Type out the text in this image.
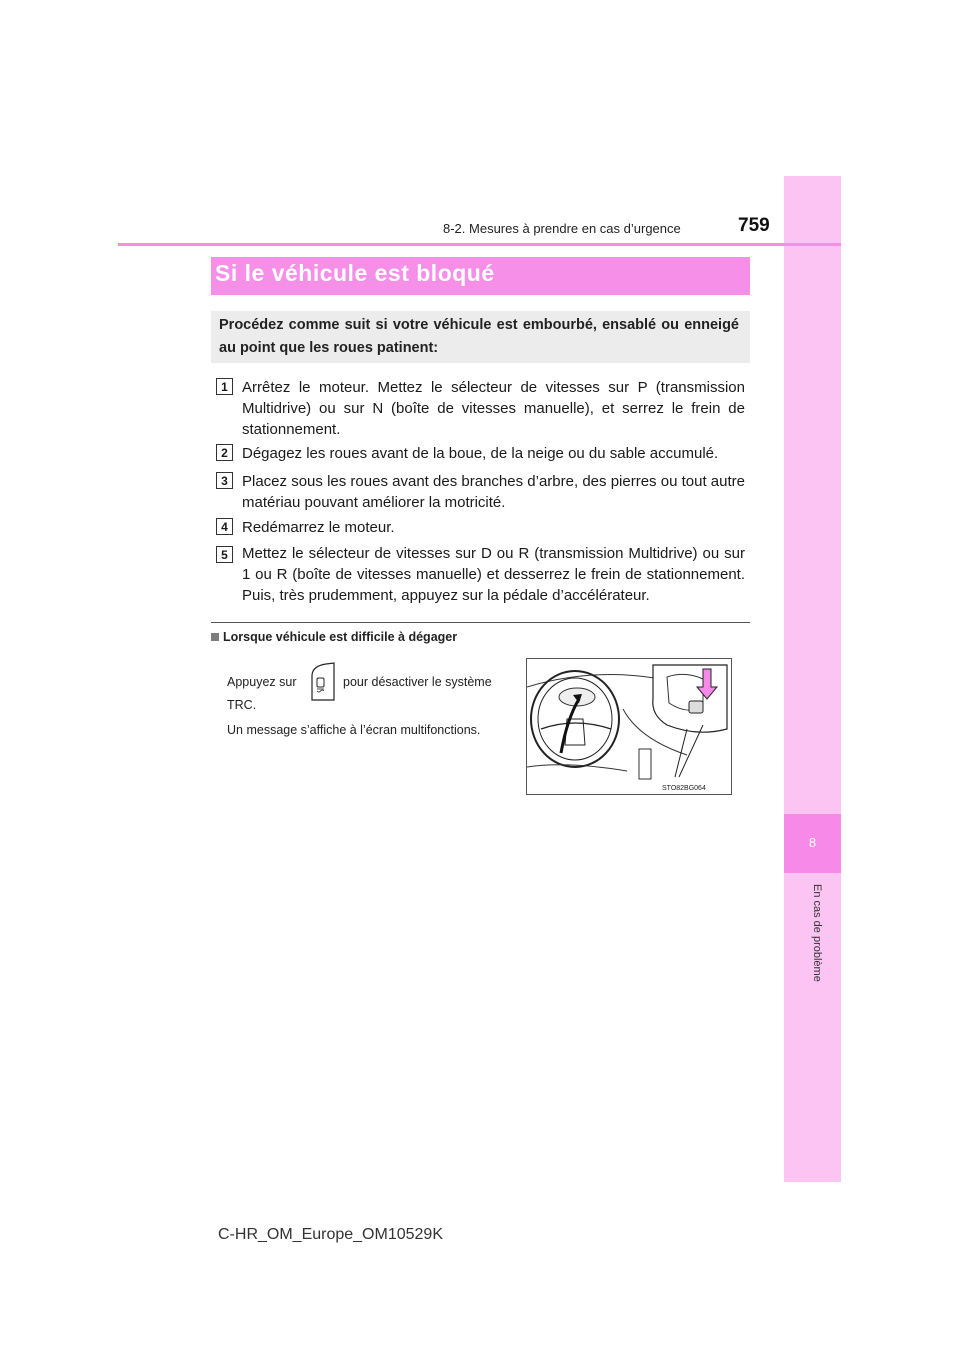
8
En cas de problème
8-2. Mesures à prendre en cas d’urgence	759
Si le véhicule est bloqué
Procédez comme suit si votre véhicule est embourbé, ensablé ou enneigé au point que les roues patinent:
1 Arrêtez le moteur. Mettez le sélecteur de vitesses sur P (transmission Multidrive) ou sur N (boîte de vitesses manuelle), et serrez le frein de stationnement.
2 Dégagez les roues avant de la boue, de la neige ou du sable accumulé.
3 Placez sous les roues avant des branches d’arbre, des pierres ou tout autre matériau pouvant améliorer la motricité.
4 Redémarrez le moteur.
5 Mettez le sélecteur de vitesses sur D ou R (transmission Multidrive) ou sur 1 ou R (boîte de vitesses manuelle) et desserrez le frein de stationnement. Puis, très prudemment, appuyez sur la pédale d’accélérateur.
Lorsque véhicule est difficile à dégager
Appuyez sur	pour désactiver le système
TRC.
Un message s’affiche à l’écran multifonctions.
STO82BG064
C-HR_OM_Europe_OM10529K
